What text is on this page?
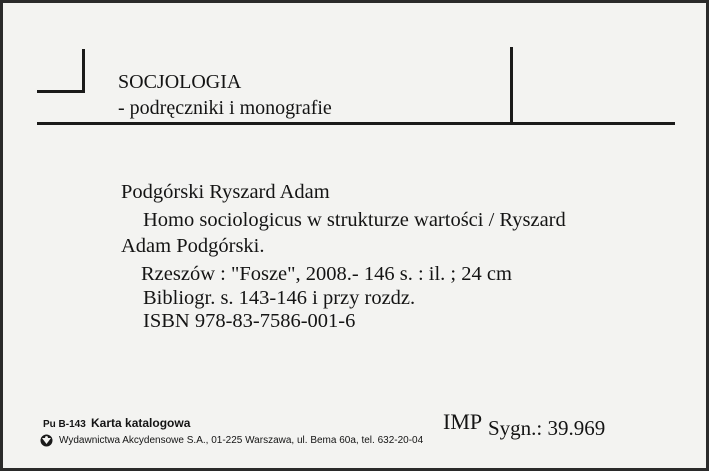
SOCJOLOGIA
- podręczniki i monografie
Podgórski Ryszard Adam
Homo sociologicus w strukturze wartości / Ryszard
Adam Podgórski.
Rzeszów : "Fosze", 2008.- 146 s. : il. ; 24 cm
Bibliogr. s. 143-146 i przy rozdz.
ISBN 978-83-7586-001-6
Pu B-143 Karta katalogowa
Wydawnictwa Akcydensowe S.A., 01-225 Warszawa, ul. Bema 60a, tel. 632-20-04
IMP Sygn.: 39.969
